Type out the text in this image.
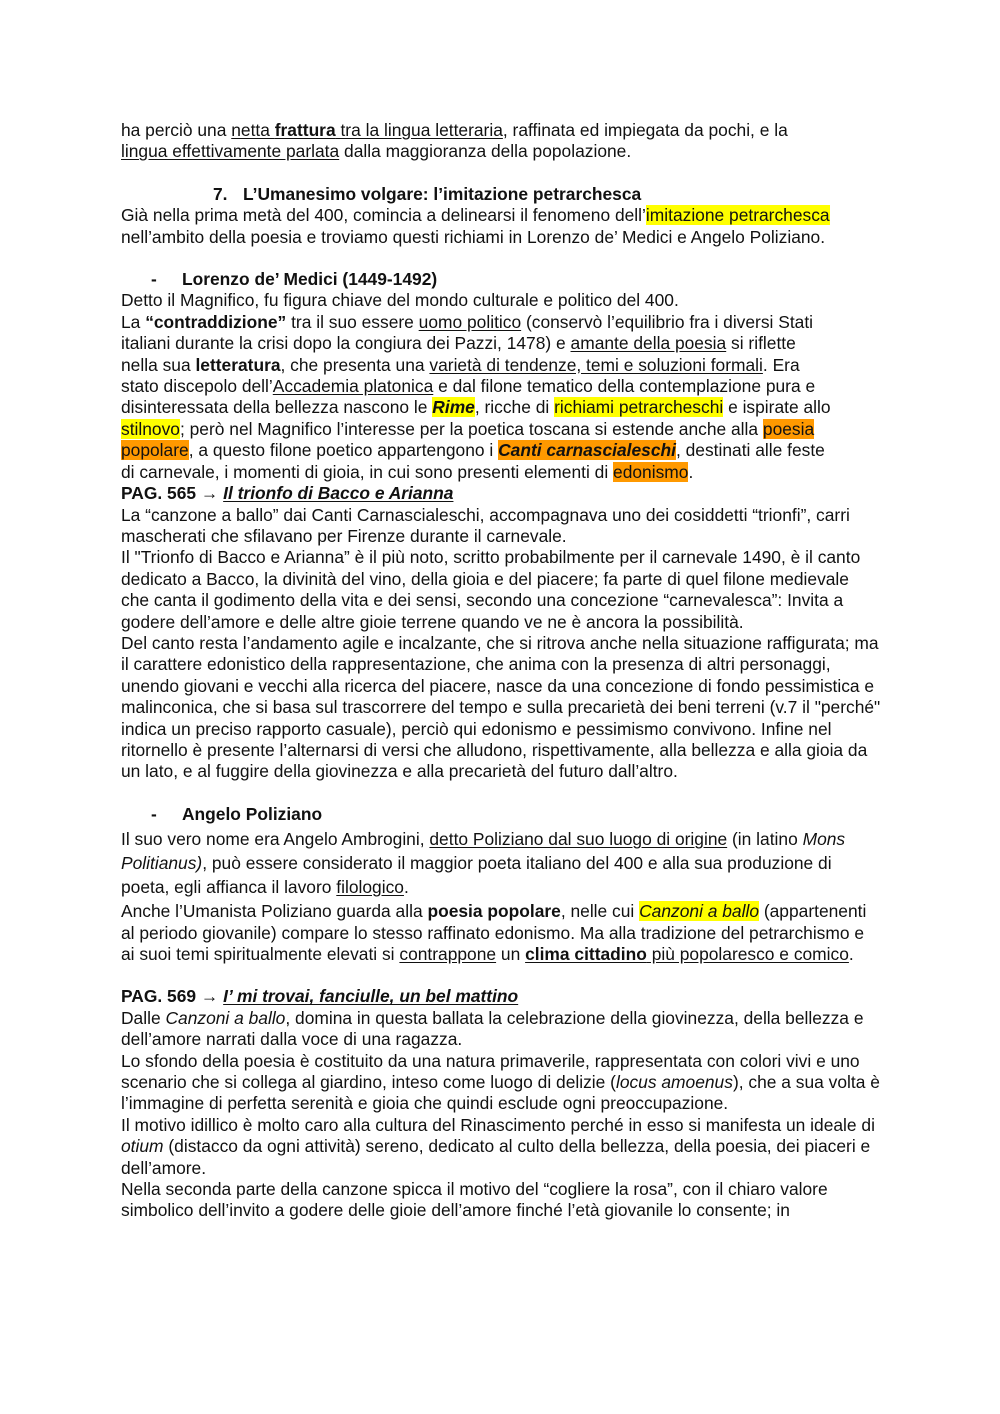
ha perciò una netta frattura tra la lingua letteraria, raffinata ed impiegata da pochi, e la
lingua effettivamente parlata dalla maggioranza della popolazione.

7. L’Umanesimo volgare: l’imitazione petrarchesca

Già nella prima metà del 400, comincia a delinearsi il fenomeno dell’imitazione petrarchesca
nell’ambito della poesia e troviamo questi richiami in Lorenzo de’ Medici e Angelo Poliziano.

- Lorenzo de’ Medici (1449-1492)

Detto il Magnifico, fu figura chiave del mondo culturale e politico del 400.
La “contraddizione” tra il suo essere uomo politico (conservò l’equilibrio fra i diversi Stati
italiani durante la crisi dopo la congiura dei Pazzi, 1478) e amante della poesia si riflette
nella sua letteratura, che presenta una varietà di tendenze, temi e soluzioni formali. Era
stato discepolo dell’Accademia platonica e dal filone tematico della contemplazione pura e
disinteressata della bellezza nascono le Rime, ricche di richiami petrarcheschi e ispirate allo
stilnovo; però nel Magnifico l’interesse per la poetica toscana si estende anche alla poesia
popolare, a questo filone poetico appartengono i Canti carnascialeschi, destinati alle feste
di carnevale, i momenti di gioia, in cui sono presenti elementi di edonismo.

PAG. 565 → Il trionfo di Bacco e Arianna

La “canzone a ballo” dai Canti Carnascialeschi, accompagnava uno dei cosiddetti “trionfi”, carri mascherati che sfilavano per Firenze durante il carnevale.

Il "Trionfo di Bacco e Arianna” è il più noto, scritto probabilmente per il carnevale 1490, è il canto dedicato a Bacco, la divinità del vino, della gioia e del piacere; fa parte di quel filone medievale che canta il godimento della vita e dei sensi, secondo una concezione “carnevalesca”: Invita a godere dell’amore e delle altre gioie terrene quando ve ne è ancora la possibilità.

Del canto resta l’andamento agile e incalzante, che si ritrova anche nella situazione raffigurata; ma il carattere edonistico della rappresentazione, che anima con la presenza di altri personaggi, unendo giovani e vecchi alla ricerca del piacere, nasce da una concezione di fondo pessimistica e malinconica, che si basa sul trascorrere del tempo e sulla precarietà dei beni terreni (v.7 il "perché" indica un preciso rapporto casuale), perciò qui edonismo e pessimismo convivono. Infine nel ritornello è presente l’alternarsi di versi che alludono, rispettivamente, alla bellezza e alla gioia da un lato, e al fuggire della giovinezza e alla precarietà del futuro dall’altro.

- Angelo Poliziano

Il suo vero nome era Angelo Ambrogini, detto Poliziano dal suo luogo di origine (in latino Mons Politianus), può essere considerato il maggior poeta italiano del 400 e alla sua produzione di poeta, egli affianca il lavoro filologico.

Anche l’Umanista Poliziano guarda alla poesia popolare, nelle cui Canzoni a ballo (appartenenti al periodo giovanile) compare lo stesso raffinato edonismo. Ma alla tradizione del petrarchismo e ai suoi temi spiritualmente elevati si contrappone un clima cittadino più popolaresco e comico.

PAG. 569 → I’ mi trovai, fanciulle, un bel mattino

Dalle Canzoni a ballo, domina in questa ballata la celebrazione della giovinezza, della bellezza e dell’amore narrati dalla voce di una ragazza.

Lo sfondo della poesia è costituito da una natura primaverile, rappresentata con colori vivi e uno scenario che si collega al giardino, inteso come luogo di delizie (locus amoenus), che a sua volta è l’immagine di perfetta serenità e gioia che quindi esclude ogni preoccupazione.

Il motivo idillico è molto caro alla cultura del Rinascimento perché in esso si manifesta un ideale di otium (distacco da ogni attività) sereno, dedicato al culto della bellezza, della poesia, dei piaceri e dell’amore.

Nella seconda parte della canzone spicca il motivo del “cogliere la rosa”, con il chiaro valore simbolico dell’invito a godere delle gioie dell’amore finché l’età giovanile lo consente; in
